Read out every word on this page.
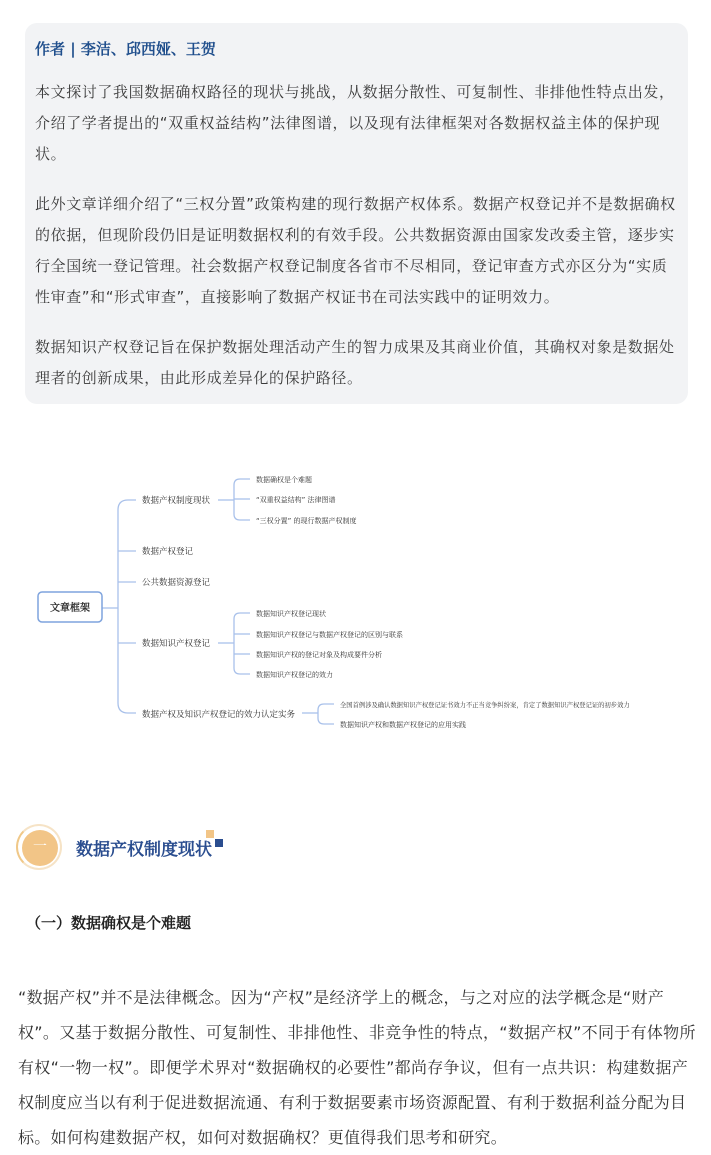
作者 | 李洁、邱西娅、王贺

本文探讨了我国数据确权路径的现状与挑战，从数据分散性、可复制性、非排他性特点出发，介绍了学者提出的“双重权益结构”法律图谱，以及现有法律框架对各数据权益主体的保护现状。

此外文章详细介绍了“三权分置”政策构建的现行数据产权体系。数据产权登记并不是数据确权的依据，但现阶段仍旧是证明数据权利的有效手段。公共数据资源由国家发改委主管，逐步实行全国统一登记管理。社会数据产权登记制度各省市不尽相同，登记审查方式亦区分为“实质性审查”和“形式审查”，直接影响了数据产权证书在司法实践中的证明效力。

数据知识产权登记旨在保护数据处理活动产生的智力成果及其商业价值，其确权对象是数据处理者的创新成果，由此形成差异化的保护路径。

文章框架
数据产权制度现状
数据产权登记
公共数据资源登记
数据知识产权登记
数据产权及知识产权登记的效力认定实务
数据确权是个难题
“双重权益结构” 法律图谱
“三权分置” 的现行数据产权制度
数据知识产权登记现状
数据知识产权登记与数据产权登记的区别与联系
数据知识产权的登记对象及构成要件分析
数据知识产权登记的效力
全国首例涉及确认数据知识产权登记证书效力不正当竞争纠纷案，肯定了数据知识产权登记证的初步效力
数据知识产权和数据产权登记的应用实践
一	数据产权制度现状

（一）数据确权是个难题

“数据产权”并不是法律概念。因为“产权”是经济学上的概念，与之对应的法学概念是“财产权”。又基于数据分散性、可复制性、非排他性、非竞争性的特点，“数据产权”不同于有体物所有权“一物一权”。即便学术界对“数据确权的必要性”都尚存争议，但有一点共识：构建数据产权制度应当以有利于促进数据流通、有利于数据要素市场资源配置、有利于数据利益分配为目标。如何构建数据产权，如何对数据确权？更值得我们思考和研究。
